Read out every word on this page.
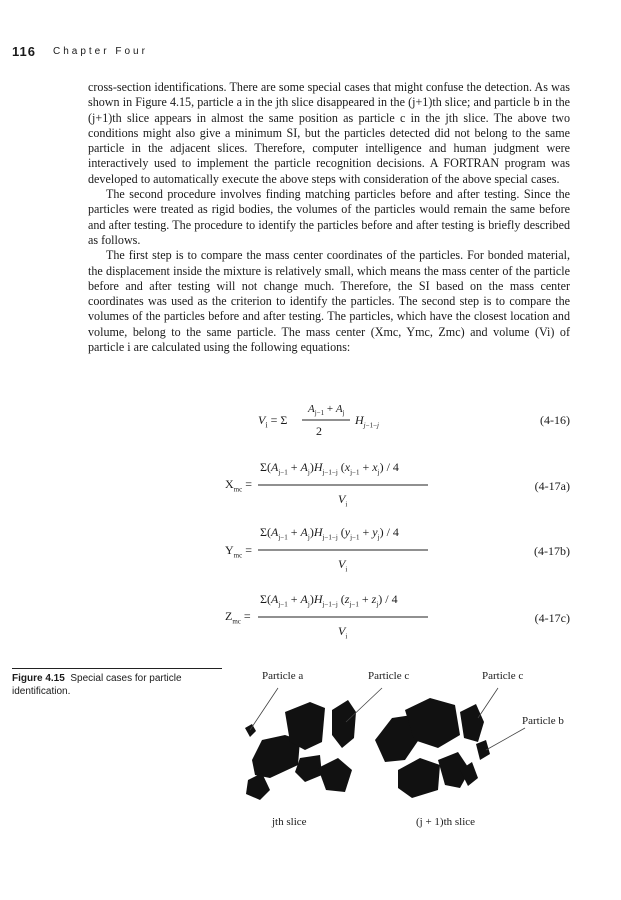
116 Chapter Four

cross-section identifications. There are some special cases that might confuse the detection. As was shown in Figure 4.15, particle a in the jth slice disappeared in the (j+1)th slice; and particle b in the (j+1)th slice appears in almost the same position as particle c in the jth slice. The above two conditions might also give a minimum SI, but the particles detected did not belong to the same particle in the adjacent slices. Therefore, computer intelligence and human judgment were interactively used to implement the particle recognition decisions. A FORTRAN program was developed to automatically execute the above steps with consideration of the above special cases.

The second procedure involves finding matching particles before and after testing. Since the particles were treated as rigid bodies, the volumes of the particles would remain the same before and after testing. The procedure to identify the particles before and after testing is briefly described as follows.

The first step is to compare the mass center coordinates of the particles. For bonded material, the displacement inside the mixture is relatively small, which means the mass center of the particle before and after testing will not change much. Therefore, the SI based on the mass center coordinates was used as the criterion to identify the particles. The second step is to compare the volumes of the particles before and after testing. The particles, which have the closest location and volume, belong to the same particle. The mass center (Xmc, Ymc, Zmc) and volume (Vi) of particle i are calculated using the following equations:

$V_i = \Sigma$
$A_{j-1} + A_j$
2
$H_{j-1-j}$	(4-16)
$\Sigma(A_{j-1} + A_j)H_{j-1-j}$ $(x_{j-1} + x_j) / 4$
$X_{mc}$ =
$V_i$
(4-17a)
$\Sigma(A_{j-1} + A_j)H_{j-1-j}$ $(y_{j-1} + y_j) / 4$
$Y_{mc}$ =
$V_i$
(4-17b)
$\Sigma(A_{j-1} + A_j)H_{j-1-j}$ $(z_{j-1} + z_j) / 4$
$Z_{mc}$ =
$V_i$
(4-17c)
Figure 4.15 Special cases for particle identification.
Particle a	Particle c	Particle c
Particle b
jth slice	(j + 1)th slice
